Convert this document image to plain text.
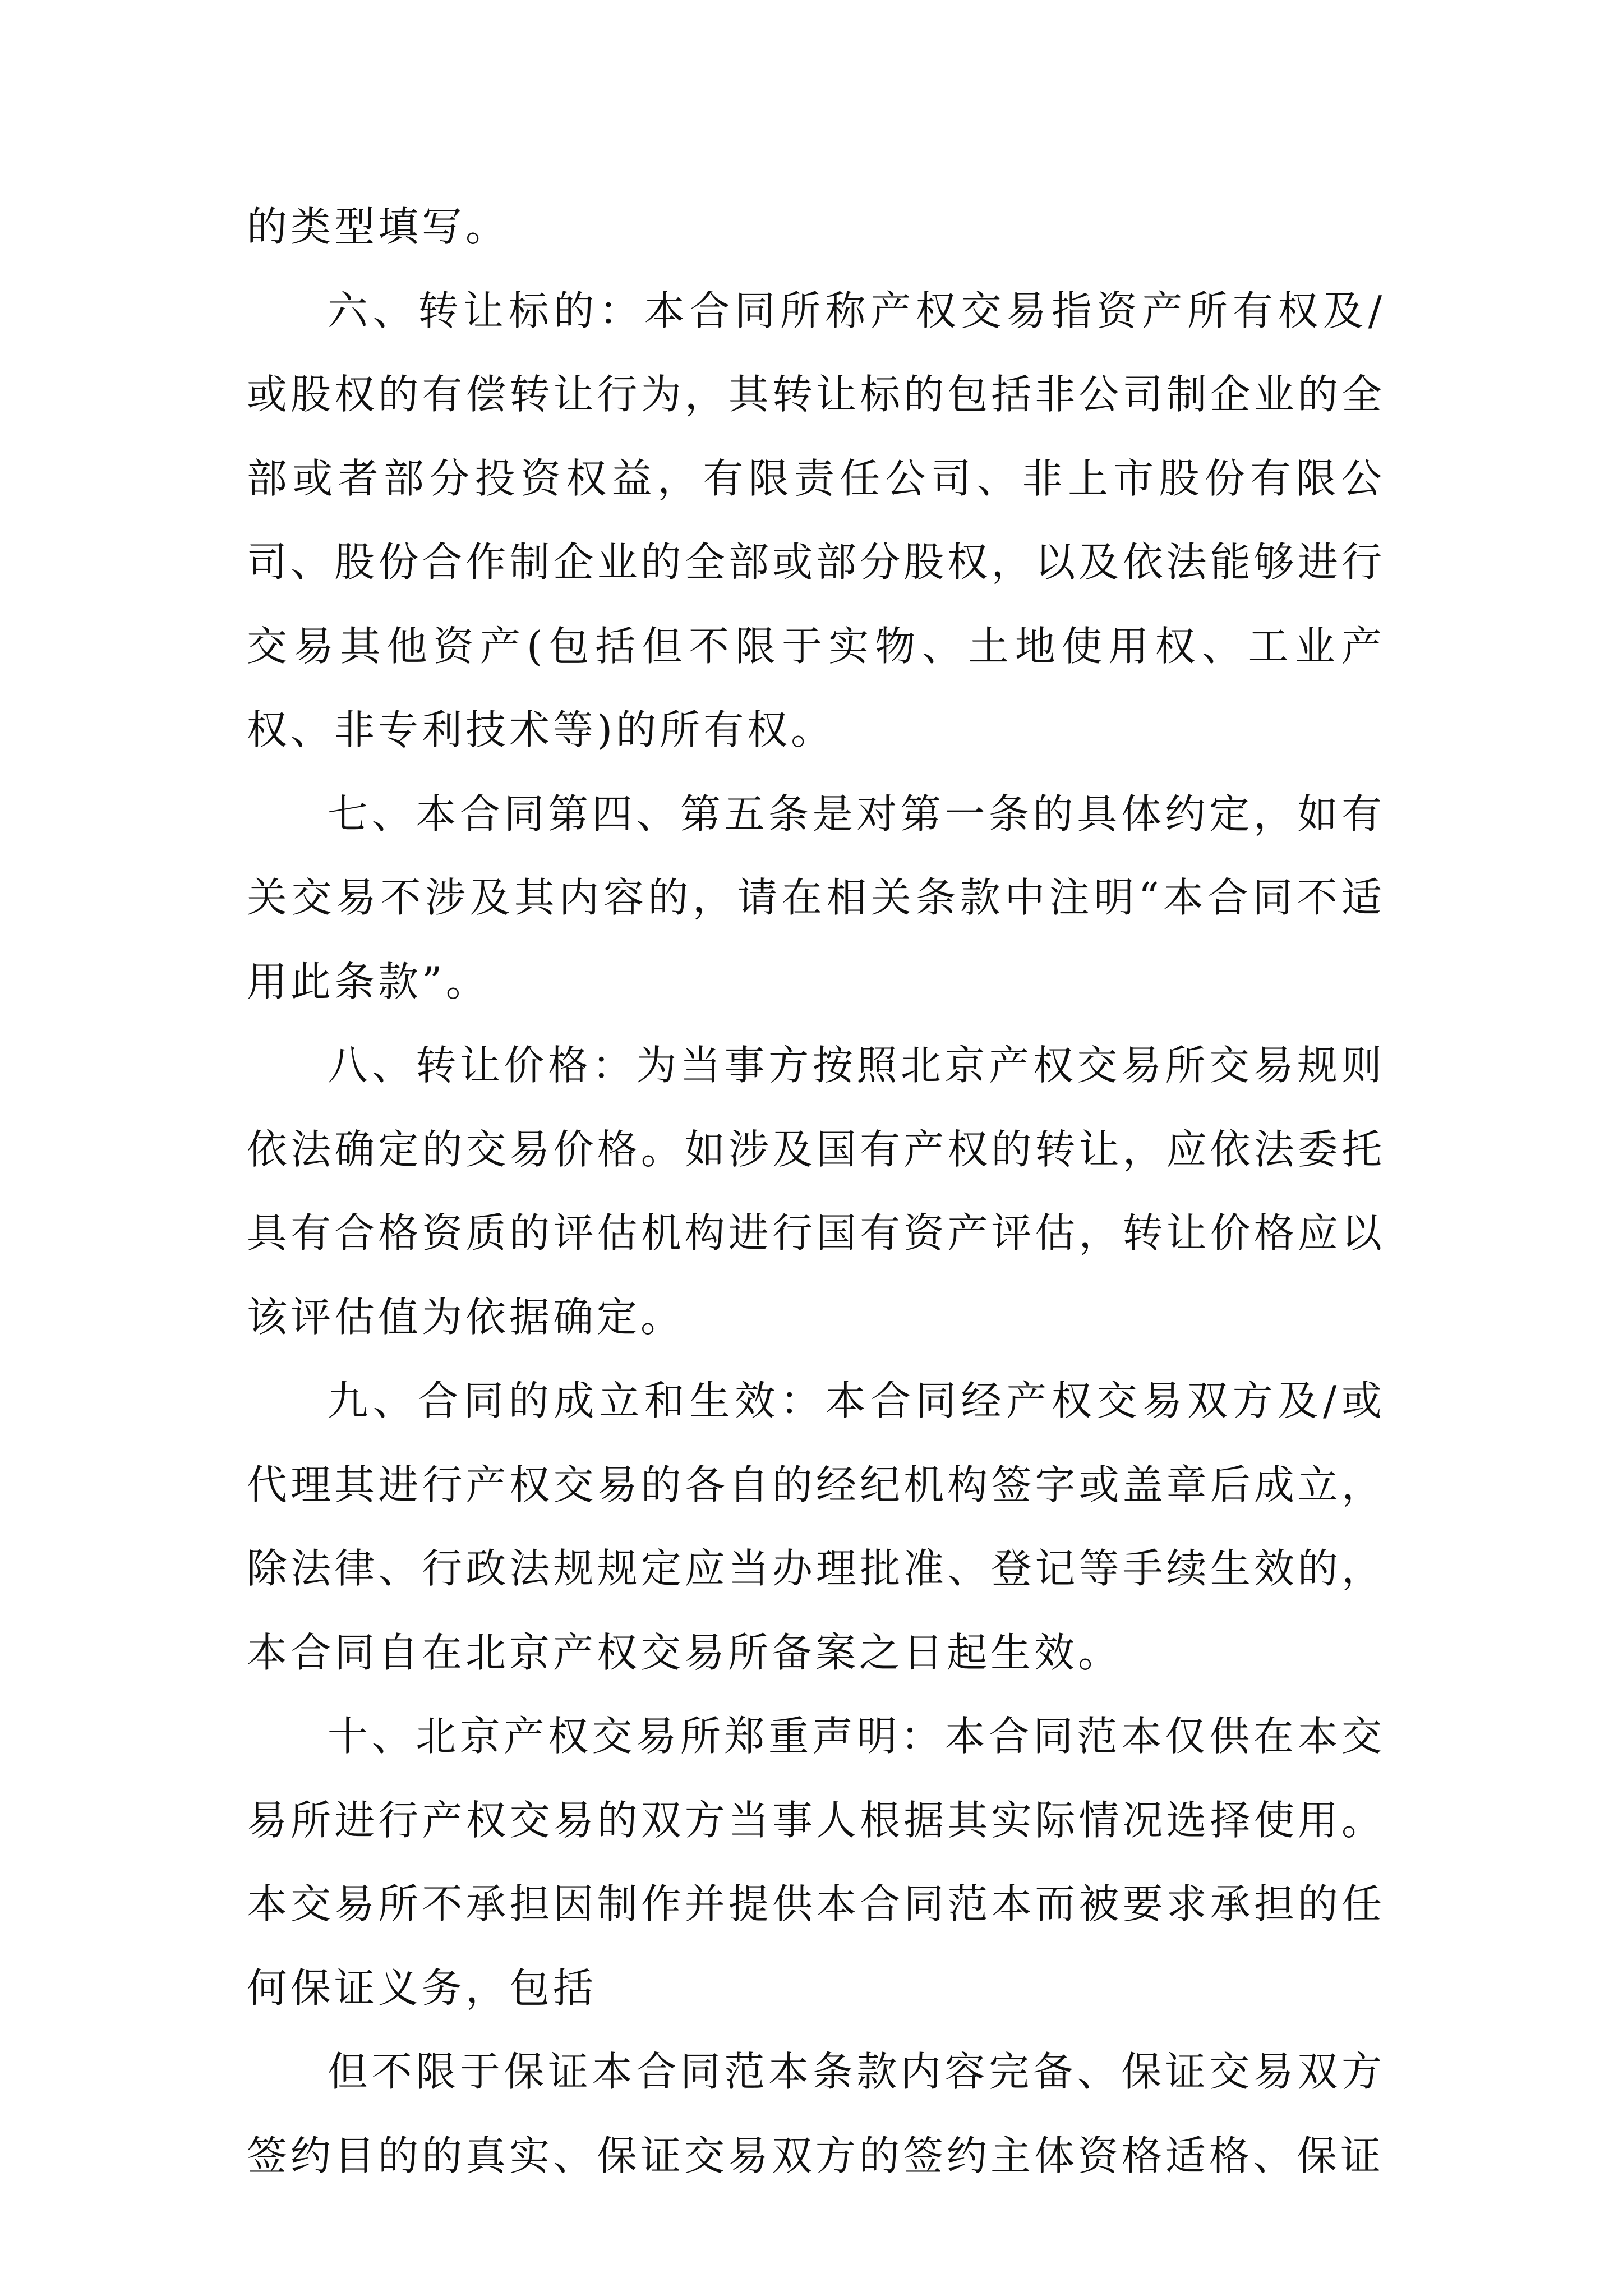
的类型填写。

六、转让标的：本合同所称产权交易指资产所有权及/或股权的有偿转让行为，其转让标的包括非公司制企业的全部或者部分投资权益，有限责任公司、非上市股份有限公司、股份合作制企业的全部或部分股权，以及依法能够进行交易其他资产(包括但不限于实物、土地使用权、工业产权、非专利技术等)的所有权。

七、本合同第四、第五条是对第一条的具体约定，如有关交易不涉及其内容的，请在相关条款中注明“本合同不适用此条款”。

八、转让价格：为当事方按照北京产权交易所交易规则依法确定的交易价格。如涉及国有产权的转让，应依法委托具有合格资质的评估机构进行国有资产评估，转让价格应以该评估值为依据确定。

九、合同的成立和生效：本合同经产权交易双方及/或代理其进行产权交易的各自的经纪机构签字或盖章后成立，除法律、行政法规规定应当办理批准、登记等手续生效的，本合同自在北京产权交易所备案之日起生效。

十、北京产权交易所郑重声明：本合同范本仅供在本交易所进行产权交易的双方当事人根据其实际情况选择使用。本交易所不承担因制作并提供本合同范本而被要求承担的任何保证义务，包括

但不限于保证本合同范本条款内容完备、保证交易双方签约目的的真实、保证交易双方的签约主体资格适格、保证
